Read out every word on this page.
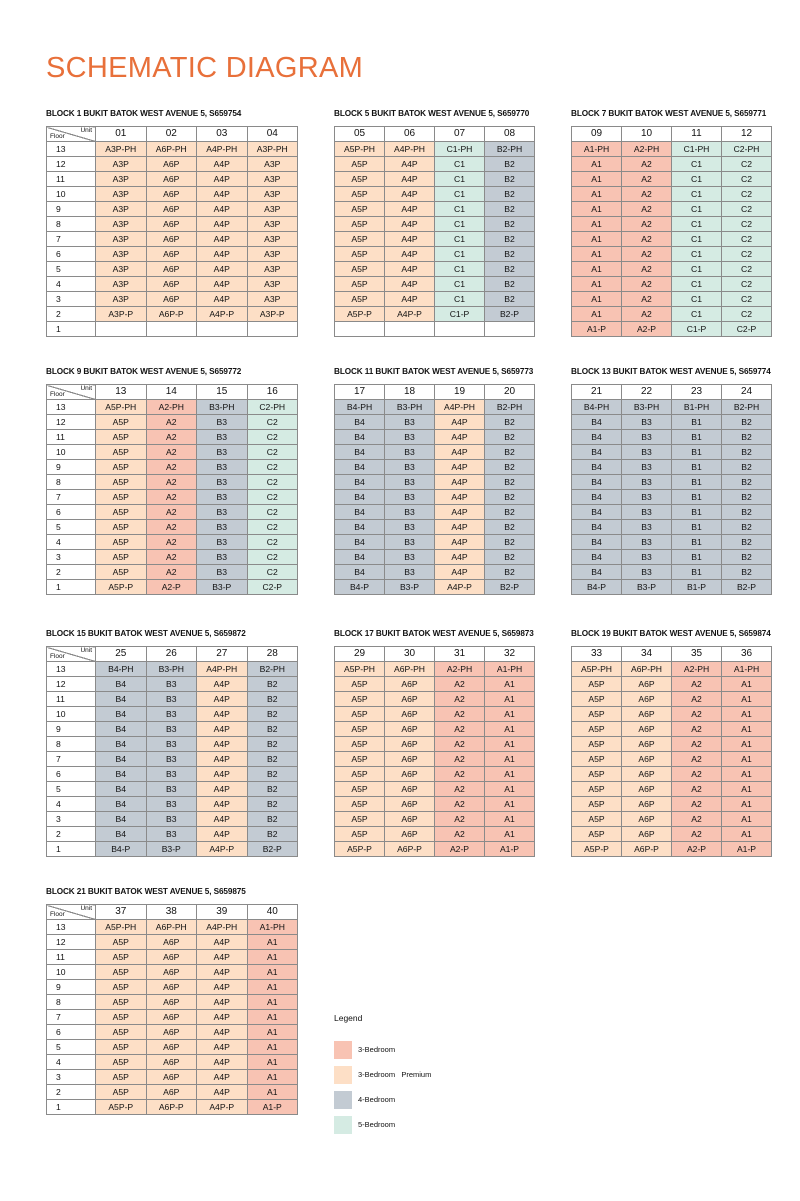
SCHEMATIC DIAGRAM
BLOCK 1 BUKIT BATOK WEST AVENUE 5, S659754
Unit
Floor	01	02	03	04
13	A3P-PH	A6P-PH	A4P-PH	A3P-PH
12	A3P	A6P	A4P	A3P
11	A3P	A6P	A4P	A3P
10	A3P	A6P	A4P	A3P
9	A3P	A6P	A4P	A3P
8	A3P	A6P	A4P	A3P
7	A3P	A6P	A4P	A3P
6	A3P	A6P	A4P	A3P
5	A3P	A6P	A4P	A3P
4	A3P	A6P	A4P	A3P
3	A3P	A6P	A4P	A3P
2	A3P-P	A6P-P	A4P-P	A3P-P
1				
BLOCK 5 BUKIT BATOK WEST AVENUE 5, S659770
05	06	07	08
A5P-PH	A4P-PH	C1-PH	B2-PH
A5P	A4P	C1	B2
A5P	A4P	C1	B2
A5P	A4P	C1	B2
A5P	A4P	C1	B2
A5P	A4P	C1	B2
A5P	A4P	C1	B2
A5P	A4P	C1	B2
A5P	A4P	C1	B2
A5P	A4P	C1	B2
A5P	A4P	C1	B2
A5P-P	A4P-P	C1-P	B2-P

BLOCK 7 BUKIT BATOK WEST AVENUE 5, S659771
09	10	11	12
A1-PH	A2-PH	C1-PH	C2-PH
A1	A2	C1	C2
A1	A2	C1	C2
A1	A2	C1	C2
A1	A2	C1	C2
A1	A2	C1	C2
A1	A2	C1	C2
A1	A2	C1	C2
A1	A2	C1	C2
A1	A2	C1	C2
A1	A2	C1	C2
A1	A2	C1	C2
A1-P	A2-P	C1-P	C2-P
BLOCK 9 BUKIT BATOK WEST AVENUE 5, S659772
Unit
Floor	13	14	15	16
13	A5P-PH	A2-PH	B3-PH	C2-PH
12	A5P	A2	B3	C2
11	A5P	A2	B3	C2
10	A5P	A2	B3	C2
9	A5P	A2	B3	C2
8	A5P	A2	B3	C2
7	A5P	A2	B3	C2
6	A5P	A2	B3	C2
5	A5P	A2	B3	C2
4	A5P	A2	B3	C2
3	A5P	A2	B3	C2
2	A5P	A2	B3	C2
1	A5P-P	A2-P	B3-P	C2-P
BLOCK 11 BUKIT BATOK WEST AVENUE 5, S659773
17	18	19	20
B4-PH	B3-PH	A4P-PH	B2-PH
B4	B3	A4P	B2
B4	B3	A4P	B2
B4	B3	A4P	B2
B4	B3	A4P	B2
B4	B3	A4P	B2
B4	B3	A4P	B2
B4	B3	A4P	B2
B4	B3	A4P	B2
B4	B3	A4P	B2
B4	B3	A4P	B2
B4	B3	A4P	B2
B4-P	B3-P	A4P-P	B2-P
BLOCK 13 BUKIT BATOK WEST AVENUE 5, S659774
21	22	23	24
B4-PH	B3-PH	B1-PH	B2-PH
B4	B3	B1	B2
B4	B3	B1	B2
B4	B3	B1	B2
B4	B3	B1	B2
B4	B3	B1	B2
B4	B3	B1	B2
B4	B3	B1	B2
B4	B3	B1	B2
B4	B3	B1	B2
B4	B3	B1	B2
B4	B3	B1	B2
B4-P	B3-P	B1-P	B2-P
BLOCK 15 BUKIT BATOK WEST AVENUE 5, S659872
Unit
Floor	25	26	27	28
13	B4-PH	B3-PH	A4P-PH	B2-PH
12	B4	B3	A4P	B2
11	B4	B3	A4P	B2
10	B4	B3	A4P	B2
9	B4	B3	A4P	B2
8	B4	B3	A4P	B2
7	B4	B3	A4P	B2
6	B4	B3	A4P	B2
5	B4	B3	A4P	B2
4	B4	B3	A4P	B2
3	B4	B3	A4P	B2
2	B4	B3	A4P	B2
1	B4-P	B3-P	A4P-P	B2-P
BLOCK 17 BUKIT BATOK WEST AVENUE 5, S659873
29	30	31	32
A5P-PH	A6P-PH	A2-PH	A1-PH
A5P	A6P	A2	A1
A5P	A6P	A2	A1
A5P	A6P	A2	A1
A5P	A6P	A2	A1
A5P	A6P	A2	A1
A5P	A6P	A2	A1
A5P	A6P	A2	A1
A5P	A6P	A2	A1
A5P	A6P	A2	A1
A5P	A6P	A2	A1
A5P	A6P	A2	A1
A5P-P	A6P-P	A2-P	A1-P
BLOCK 19 BUKIT BATOK WEST AVENUE 5, S659874
33	34	35	36
A5P-PH	A6P-PH	A2-PH	A1-PH
A5P	A6P	A2	A1
A5P	A6P	A2	A1
A5P	A6P	A2	A1
A5P	A6P	A2	A1
A5P	A6P	A2	A1
A5P	A6P	A2	A1
A5P	A6P	A2	A1
A5P	A6P	A2	A1
A5P	A6P	A2	A1
A5P	A6P	A2	A1
A5P	A6P	A2	A1
A5P-P	A6P-P	A2-P	A1-P
BLOCK 21 BUKIT BATOK WEST AVENUE 5, S659875
Unit
Floor	37	38	39	40
13	A5P-PH	A6P-PH	A4P-PH	A1-PH
12	A5P	A6P	A4P	A1
11	A5P	A6P	A4P	A1
10	A5P	A6P	A4P	A1
9	A5P	A6P	A4P	A1
8	A5P	A6P	A4P	A1
7	A5P	A6P	A4P	A1
6	A5P	A6P	A4P	A1
5	A5P	A6P	A4P	A1
4	A5P	A6P	A4P	A1
3	A5P	A6P	A4P	A1
2	A5P	A6P	A4P	A1
1	A5P-P	A6P-P	A4P-P	A1-P
Legend
3-Bedroom
3-Bedroom   Premium
4-Bedroom
5-Bedroom
